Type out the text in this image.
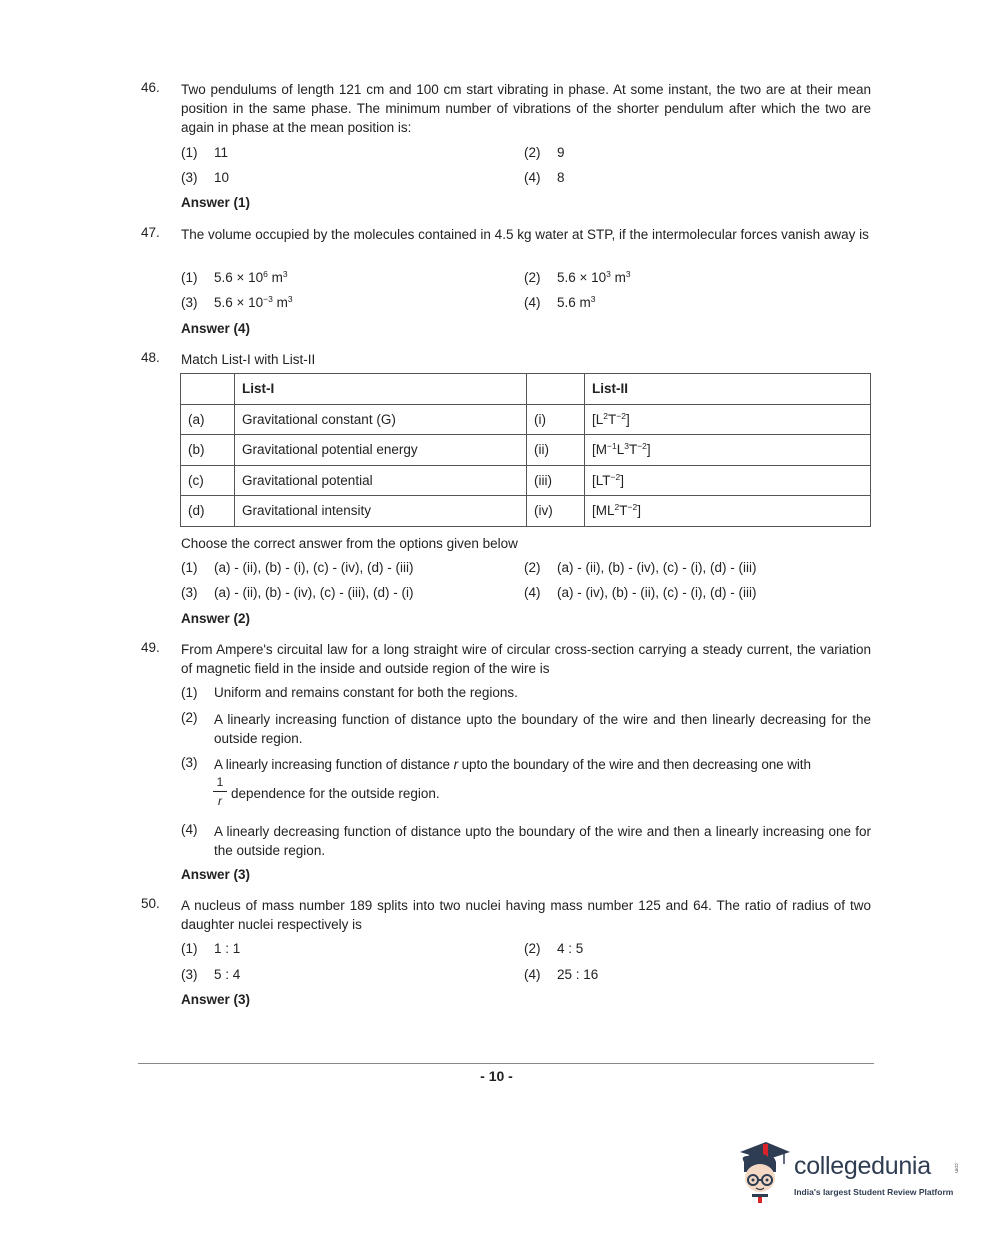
46. Two pendulums of length 121 cm and 100 cm start vibrating in phase. At some instant, the two are at their mean position in the same phase. The minimum number of vibrations of the shorter pendulum after which the two are again in phase at the mean position is:

(1) 11	(2) 9
(3) 10	(4) 8
Answer (1)
47. The volume occupied by the molecules contained in 4.5 kg water at STP, if the intermolecular forces vanish away is

(1) $5.6 \times 10^6$ $m^3$	(2) $5.6 \times 10^3$ $m^3$
(3) $5.6 \times 10^{-3}$ $m^3$	(4) 5.6 $m^3$
Answer (4)
48. Match List-I with List-II

	List-I		List-II
(a)	Gravitational constant (G)	(i)	$[L^2T^{-2}]$
(b)	Gravitational potential energy	(ii)	$[M^{-1}L^3T^{-2}]$
(c)	Gravitational potential	(iii)	$[LT^{-2}]$
(d)	Gravitational intensity	(iv)	$[ML^2T^{-2}]$

Choose the correct answer from the options given below

(1) (a) - (ii), (b) - (i), (c) - (iv), (d) - (iii)	(2) (a) - (ii), (b) - (iv), (c) - (i), (d) - (iii)
(3) (a) - (ii), (b) - (iv), (c) - (iii), (d) - (i)	(4) (a) - (iv), (b) - (ii), (c) - (i), (d) - (iii)
Answer (2)
49. From Ampere's circuital law for a long straight wire of circular cross-section carrying a steady current, the variation of magnetic field in the inside and outside region of the wire is

(1) Uniform and remains constant for both the regions.
(2)	A linearly increasing function of distance upto the boundary of the wire and then linearly decreasing for the outside region.

(3)	A linearly increasing function of distance r upto the boundary of the wire and then decreasing one with

1
r dependence for the outside region.
(4)	A linearly decreasing function of distance upto the boundary of the wire and then a linearly increasing one for the outside region.

Answer (3)
50. A nucleus of mass number 189 splits into two nuclei having mass number 125 and 64. The ratio of radius of two daughter nuclei respectively is

(1) 1 : 1	(2) 4 : 5
(3) 5 : 4	(4) 25 : 16
Answer (3)
- 10 -
collegedunia	.com
India's largest Student Review Platform
